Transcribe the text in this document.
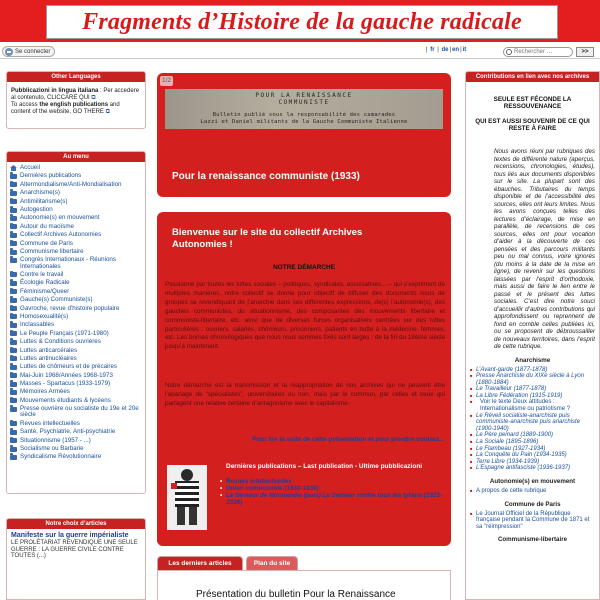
Fragments d’Histoire de la gauche radicale
Se connecter	| fr | de|en|it	Rechercher …	>>
Other Languages
Pubblicazioni in lingua italiana : Per accedere al contenuto, CLICCARE QUI ⧉
To access the english publications and content of the website, GO THERE ⧉
Au menu
Accueil
Dernières publications
Altermondialisme/Anti-Mondialisation
Anarchisme(s)
Antimilitarisme(s)
Autogestion
Autonomie(s) en mouvement
Autour du maoïsme
Collectif Archives Autonomies
Commune de Paris
Communisme libertaire
Congrès Internationaux - Réunions Internationales
Contre le travail
Écologie Radicale
Féminisme/Queer
Gauche(s) Communiste(s)
Gavroche, revue d’histoire populaire
Homosexualité(s)
Inclassables
Le Peuple Français (1971-1980)
Luttes & Conditions ouvrières
Luttes anticarcérales
Luttes antinucléaires
Luttes de chômeurs et de précaires
Mai-Juin 1968/Années 1968-1973
Masses - Spartacus (1933-1979)
Mémoires Armées
Mouvements étudiants & lycéens
Presse ouvrière ou socialiste du 19e et 20e siècle
Revues intellectuelles
Santé, Psychiatrie, Anti-psychiatrie
Situationnisme (1957 - ...)
Socialisme ou Barbarie
Syndicalisme Révolutionnaire
Notre choix d’articles
Manifeste sur la guerre impérialiste
LE PROLÉTARIAT REVENDIQUE UNE SEULE GUERRE : LA GUERRE CIVILE CONTRE TOUTES (...)
1/2
POUR LA RENAISSANCE
COMMUNISTE
Bulletin publié sous la responsabilité des camarades
Lazzi et Daniel militants de la Gauche Communiste Italienne
Pour la renaissance communiste (1933)
Bienvenue sur le site du collectif Archives Autonomies !
NOTRE DÉMARCHE
Passionné par toutes les luttes sociales – politiques, syndicales, associatives... – qui s’expriment de multiples manières, notre collectif se donne pour objectif de diffuser des documents issus de groupes se revendiquant de l’anarchie dans ses différentes expressions, de(s) l’autonomie(s), des gauches communistes, du situationnisme, des composantes des mouvements libertaire et communiste-libertaire, etc. ainsi que de diverses forces organisatives centrées sur des luttes particulières : ouvriers, salariés, chômeurs, prisonniers, patients en butte à la médecine, femmes, etc. Les bornes chronologiques que nous nous sommes fixés sont larges : de la fin du 18ème siècle jusqu’à maintenant.
Notre démarche est la transmission et la réappropriation de nos archives qui ne peuvent être l’apanage de “spécialistes”, universitaires ou non, mais par le commun, par celles et ceux qui partagent une relative certaine d’antagonisme avec le capitalisme.
Pour lire la suite de cette présentation et pour prendre contact...
Dernières publications – Last publication - Ultime pubblicazioni
• Revues intellectuelles
• Union communiste (1933-1939)
• Le Semeur de Normandie (puis) Le Semeur contre tous les tyrans (1923-1936)
Les derniers articles	Plan du site
Présentation du bulletin Pour la Renaissance
Contributions en lien avec nos archives
SEULE EST FÉCONDE LA RESSOUVENANCE
QUI EST AUSSI SOUVENIR DE CE QUI RESTE À FAIRE
Nous avons réuni par rubriques des textes de différente nature (aperçus, recensions, chronologies, études), tous liés aux documents disponibles sur le site. La plupart sont des ébauches. Tributaires du temps disponible et de l’accessibilité des sources, elles ont leurs limites. Nous les avons conçues telles des lectures d’éclairage, de mise en parallèle, de recensions de ces sources, elles ont pour vocation d’aider à la découverte de ces pensées et des parcours militants peu ou mal connus, voire ignorés (du moins à la date de la mise en ligne), de revenir sur les questions laissées par l’esprit d’orthodoxie, mais aussi de faire le lien entre le passé et le présent des luttes sociales. C’est dire notre souci d’accueillir d’autres contributions qui approfondissent ou reprennent de fond en comble celles publiées ici, ou se proposent de débroussailler de nouveaux territoires, dans l’esprit de cette rubrique.
Anarchisme
■ L’Avant-garde (1877-1878)
■ Presse Anarchiste du XIXe siècle à Lyon (1880-1884)
■ Le Travailleur (1877-1878)
■ La Libre Fédération (1915-1919)
■ Voir le texte Deux attitudes : Internationalisme ou patriotisme ?
■ Le Réveil socialiste-anarchiste puis communiste-anarchiste puis anarchiste (1900-1940)
■ Le Père peinard (1889-1900)
■ La Sociale (1895-1896)
■ Le Flambeau (1927-1934)
■ La Conquête du Pain (1934-1935)
■ Terre Libre (1934-1939)
■ L’Espagne antifasciste (1936-1937)
Autonomie(s) en mouvement
■ A propos de cette rubrique
Commune de Paris
■ Le Journal Officiel de la République française pendant la Commune de 1871 et sa "réimpression"
Communisme-libertaire
